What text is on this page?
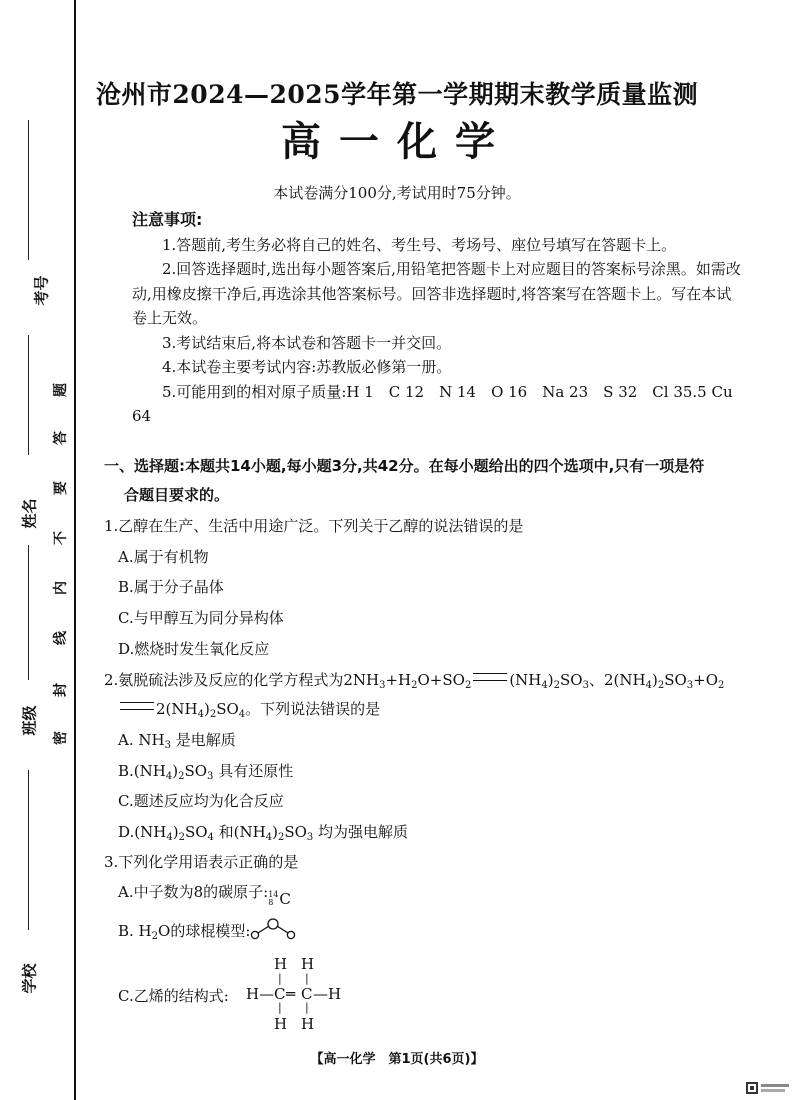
考号
姓名
班级
学校
题
答
要
不
内
线
封
密
沧州市2024—2025学年第一学期期末教学质量监测
高一化学
本试卷满分100分,考试用时75分钟。
注意事项:
1.答题前,考生务必将自己的姓名、考生号、考场号、座位号填写在答题卡上。
2.回答选择题时,选出每小题答案后,用铅笔把答题卡上对应题目的答案标号涂黑。如需改动,用橡皮擦干净后,再选涂其他答案标号。回答非选择题时,将答案写在答题卡上。写在本试卷上无效。
3.考试结束后,将本试卷和答题卡一并交回。
4.本试卷主要考试内容:苏教版必修第一册。
5.可能用到的相对原子质量:H 1　C 12　N 14　O 16　Na 23　S 32　Cl 35.5 Cu 64
一、选择题:本题共14小题,每小题3分,共42分。在每小题给出的四个选项中,只有一项是符
合题目要求的。
1.乙醇在生产、生活中用途广泛。下列关于乙醇的说法错误的是
A.属于有机物
B.属于分子晶体
C.与甲醇互为同分异构体
D.燃烧时发生氧化反应
2.氨脱硫法涉及反应的化学方程式为$2NH_3+H_2O+SO_2$	$(NH_4)_2SO_3$、$2(NH_4)_2SO_3+O_2$
$2(NH_4)_2SO_4$。下列说法错误的是
A. $NH_3$ 是电解质
$B.(NH_4)_2SO_3$ 具有还原性
C.题述反应均为化合反应
$D.(NH_4)_2SO_4$ 和$(NH_4)_2SO_3$ 均为强电解质
3.下列化学用语表示正确的是
A.中子数为8的碳原子: 14
8 C
B. $H_2O$的球棍模型:
C.乙烯的结构式:
H H
| |
H— C ═ C —H
| |
H H
【高一化学　第1页(共6页)】
